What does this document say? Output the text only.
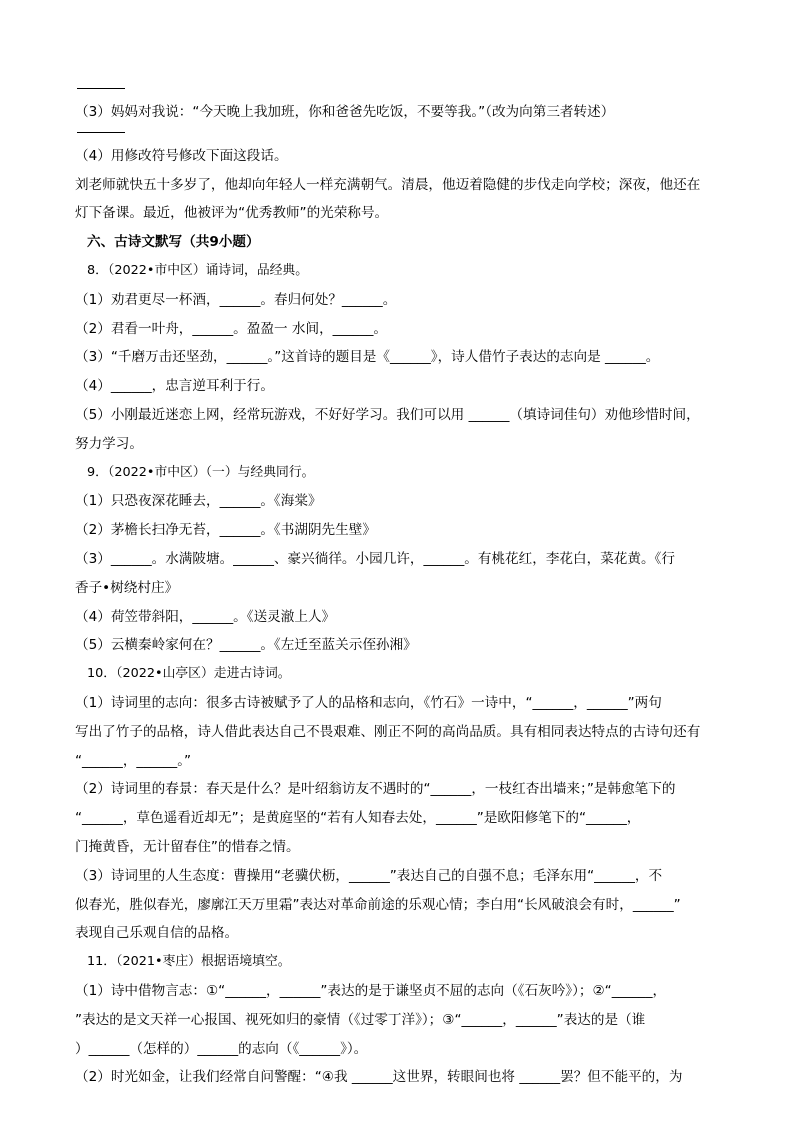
（3）妈妈对我说：“今天晚上我加班，你和爸爸先吃饭，不要等我。”（改为向第三者转述）
（4）用修改符号修改下面这段话。
刘老师就快五十多岁了，他却向年轻人一样充满朝气。清晨，他迈着隐健的步伐走向学校；深夜，他还在
灯下备课。最近，他被评为“优秀教师”的光荣称号。
六、古诗文默写（共9小题）
8．（2022•市中区）诵诗词，品经典。
（1）劝君更尽一杯酒，______。春归何处？______。
（2）君看一叶舟，______。盈盈一 水间，______。
（3）“千磨万击还坚劲，______。”这首诗的题目是《______》，诗人借竹子表达的志向是 ______。
（4）______，忠言逆耳利于行。
（5）小刚最近迷恋上网，经常玩游戏，不好好学习。我们可以用 ______（填诗词佳句）劝他珍惜时间，
努力学习。
9．（2022•市中区）（一）与经典同行。
（1）只恐夜深花睡去，______。《海棠》
（2）茅檐长扫净无苔，______。《书湖阴先生壁》
（3）______。水满陂塘。______、豪兴徜徉。小园几许，______。有桃花红，李花白，菜花黄。《行
香子•树绕村庄》
（4）荷笠带斜阳，______。《送灵澈上人》
（5）云横秦岭家何在？______。《左迁至蓝关示侄孙湘》
10．（2022•山亭区）走进古诗词。
（1）诗词里的志向：很多古诗被赋予了人的品格和志向，《竹石》一诗中，“______，______”两句
写出了竹子的品格，诗人借此表达自己不畏艰难、刚正不阿的高尚品质。具有相同表达特点的古诗句还有
“______，______。”
（2）诗词里的春景：春天是什么？是叶绍翁访友不遇时的“______，一枝红杏出墙来；”是韩愈笔下的
“______，草色遥看近却无”；是黄庭坚的“若有人知春去处，______”是欧阳修笔下的“______，
门掩黄昏，无计留春住”的惜春之情。
（3）诗词里的人生态度：曹操用“老骥伏枥，______”表达自己的自强不息；毛泽东用“______，不
似春光，胜似春光，廖廓江天万里霜”表达对革命前途的乐观心情；李白用“长风破浪会有时，______”
表现自己乐观自信的品格。
11．（2021•枣庄）根据语境填空。
（1）诗中借物言志：①“______，______”表达的是于谦坚贞不屈的志向（《石灰吟》）；②“______，
”表达的是文天祥一心报国、视死如归的豪情（《过零丁洋》）；③“______，______”表达的是（谁
）______（怎样的）______的志向（《______》）。
（2）时光如金，让我们经常自问警醒：“④我 ______这世界，转眼间也将 ______罢？但不能平的，为
